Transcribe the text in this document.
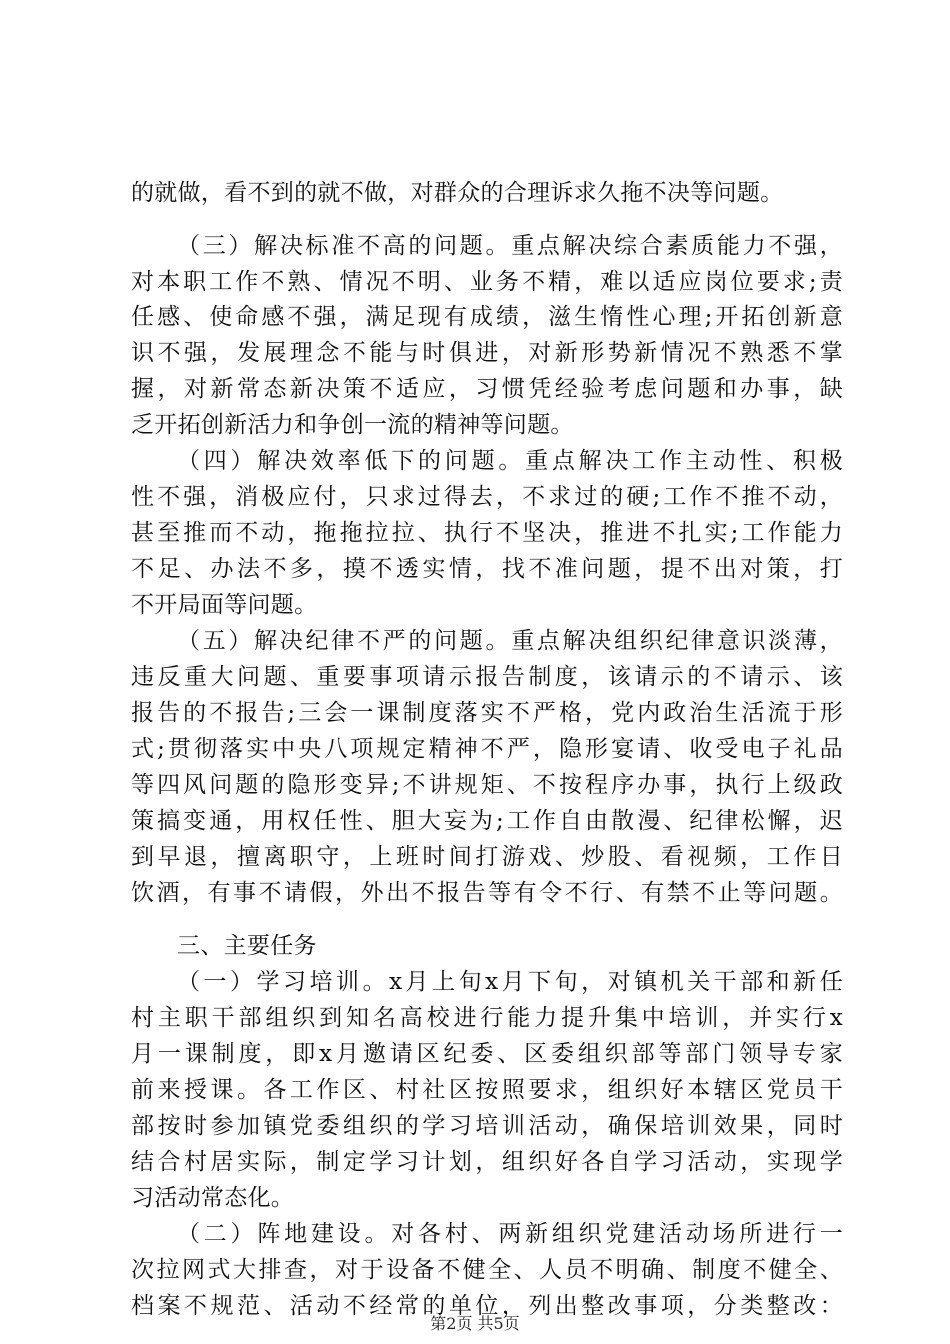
的就做，看不到的就不做，对群众的合理诉求久拖不决等问题。
（三）解决标准不高的问题。重点解决综合素质能力不强，
对本职工作不熟、情况不明、业务不精，难以适应岗位要求;责
任感、使命感不强，满足现有成绩，滋生惰性心理;开拓创新意
识不强，发展理念不能与时俱进，对新形势新情况不熟悉不掌
握，对新常态新决策不适应，习惯凭经验考虑问题和办事，缺
乏开拓创新活力和争创一流的精神等问题。
（四）解决效率低下的问题。重点解决工作主动性、积极
性不强，消极应付，只求过得去，不求过的硬;工作不推不动，
甚至推而不动，拖拖拉拉、执行不坚决，推进不扎实;工作能力
不足、办法不多，摸不透实情，找不准问题，提不出对策，打
不开局面等问题。
（五）解决纪律不严的问题。重点解决组织纪律意识淡薄，
违反重大问题、重要事项请示报告制度，该请示的不请示、该
报告的不报告;三会一课制度落实不严格，党内政治生活流于形
式;贯彻落实中央八项规定精神不严，隐形宴请、收受电子礼品
等四风问题的隐形变异;不讲规矩、不按程序办事，执行上级政
策搞变通，用权任性、胆大妄为;工作自由散漫、纪律松懈，迟
到早退，擅离职守，上班时间打游戏、炒股、看视频，工作日
饮酒，有事不请假，外出不报告等有令不行、有禁不止等问题。
三、主要任务
（一）学习培训。x月上旬x月下旬，对镇机关干部和新任
村主职干部组织到知名高校进行能力提升集中培训，并实行x
月一课制度，即x月邀请区纪委、区委组织部等部门领导专家
前来授课。各工作区、村社区按照要求，组织好本辖区党员干
部按时参加镇党委组织的学习培训活动，确保培训效果，同时
结合村居实际，制定学习计划，组织好各自学习活动，实现学
习活动常态化。
（二）阵地建设。对各村、两新组织党建活动场所进行一
次拉网式大排查，对于设备不健全、人员不明确、制度不健全、
档案不规范、活动不经常的单位，列出整改事项，分类整改：
第2页 共5页
